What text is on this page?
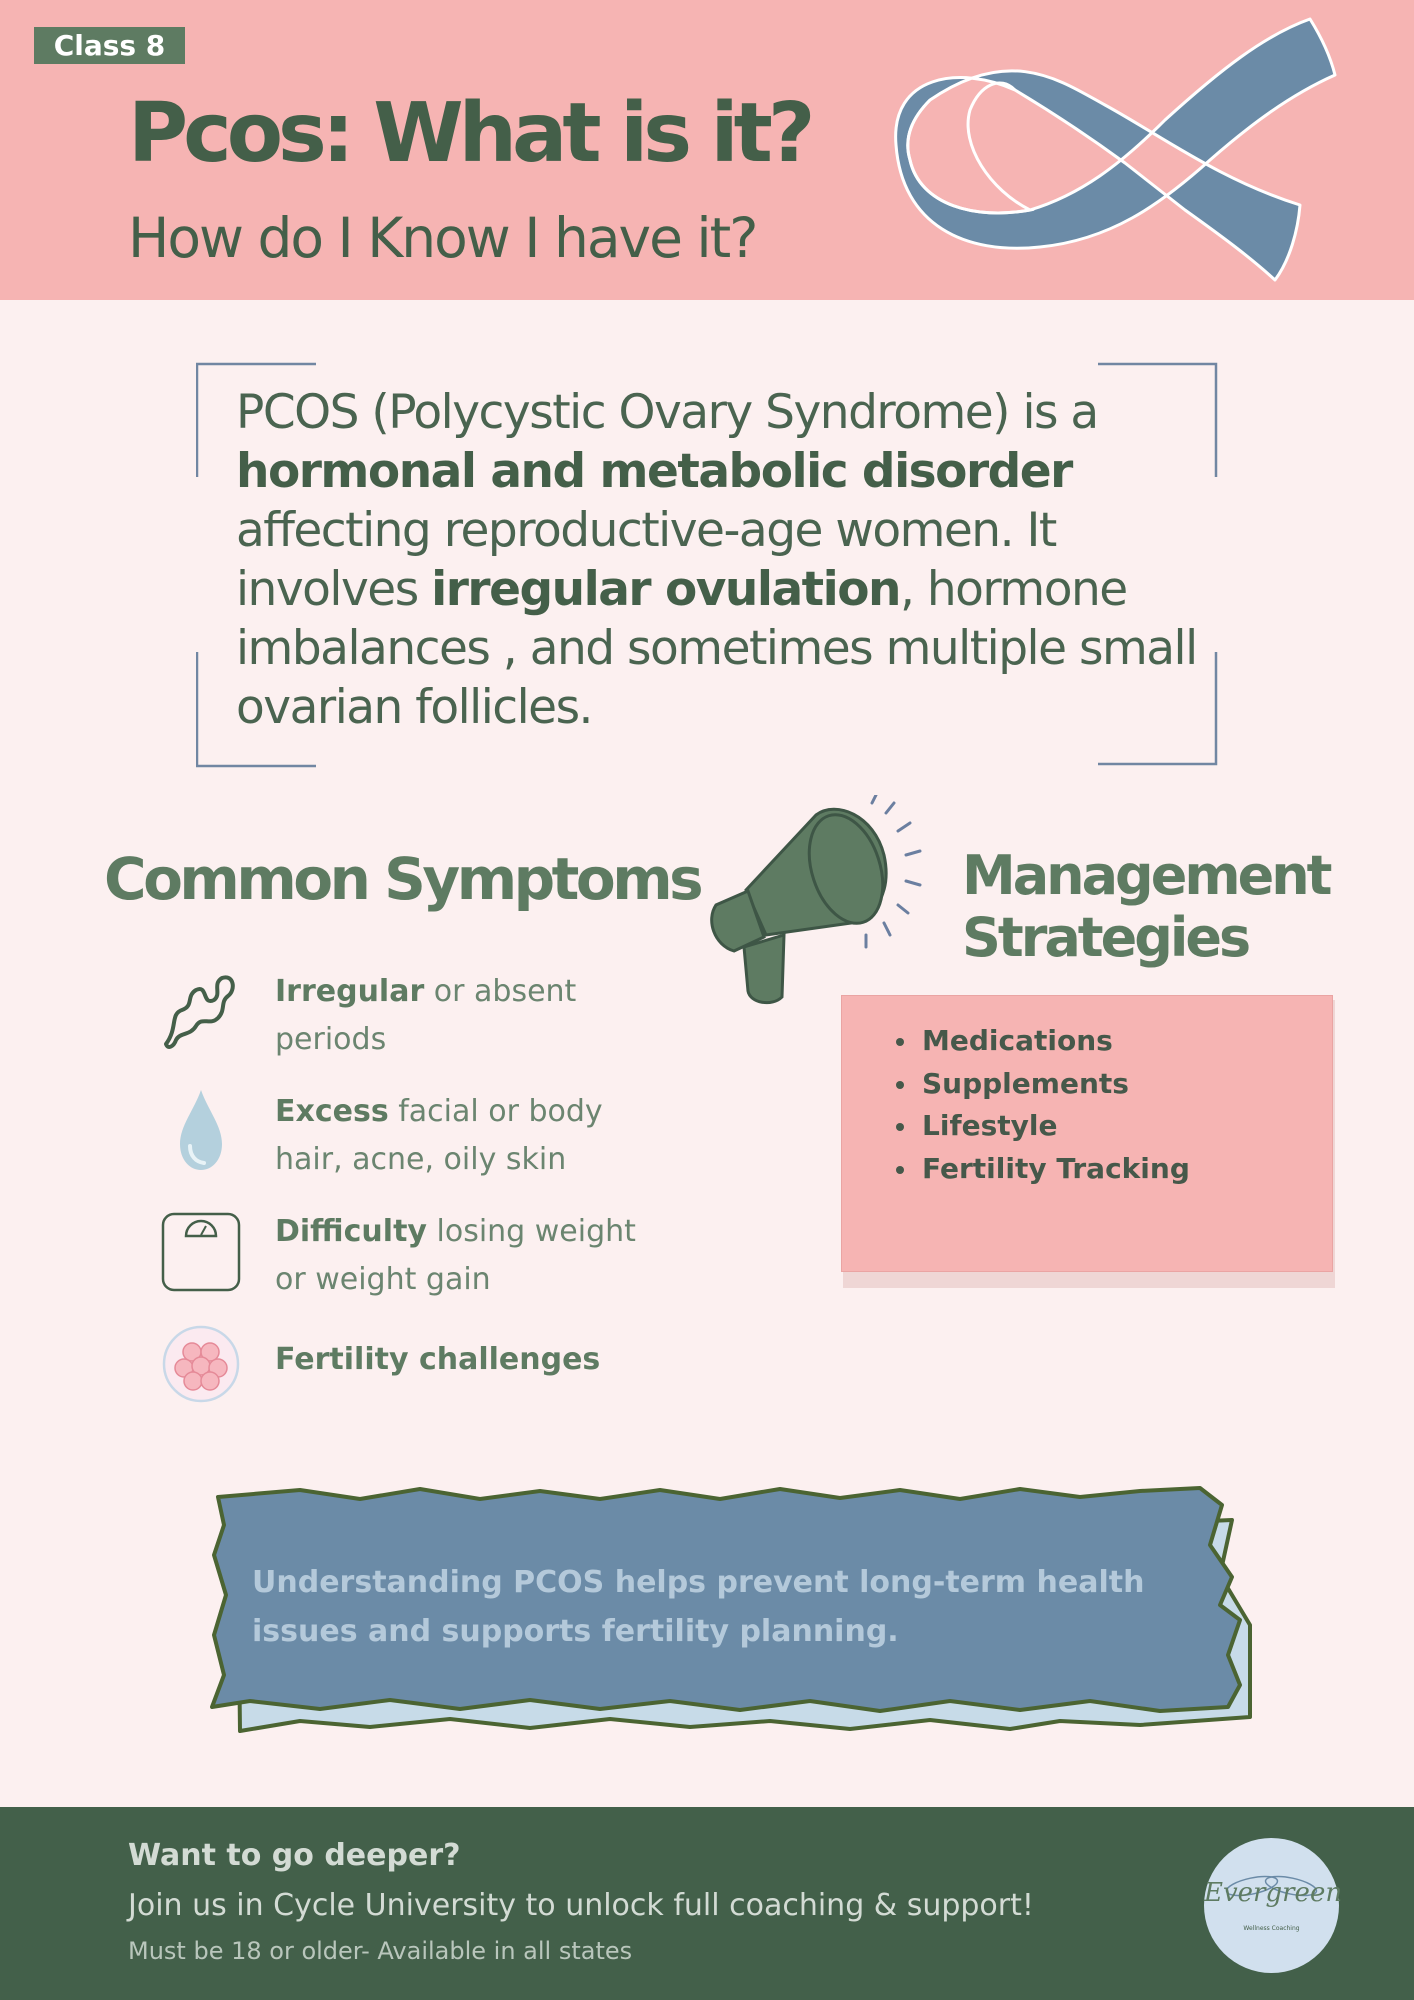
Class 8
Pcos: What is it?
How do I Know I have it?
PCOS (Polycystic Ovary Syndrome) is a hormonal and metabolic disorder affecting reproductive-age women. It involves irregular ovulation, hormone imbalances , and sometimes multiple small ovarian follicles.
Common Symptoms
Irregular or absent periods
Excess facial or body hair, acne, oily skin
Difficulty losing weight or weight gain
Fertility challenges
Management
Strategies
Medications
Supplements
Lifestyle
Fertility Tracking
Understanding PCOS helps prevent long-term health issues and supports fertility planning.
Want to go deeper?
Join us in Cycle University to unlock full coaching & support!
Must be 18 or older- Available in all states
Evergreen
Wellness Coaching
